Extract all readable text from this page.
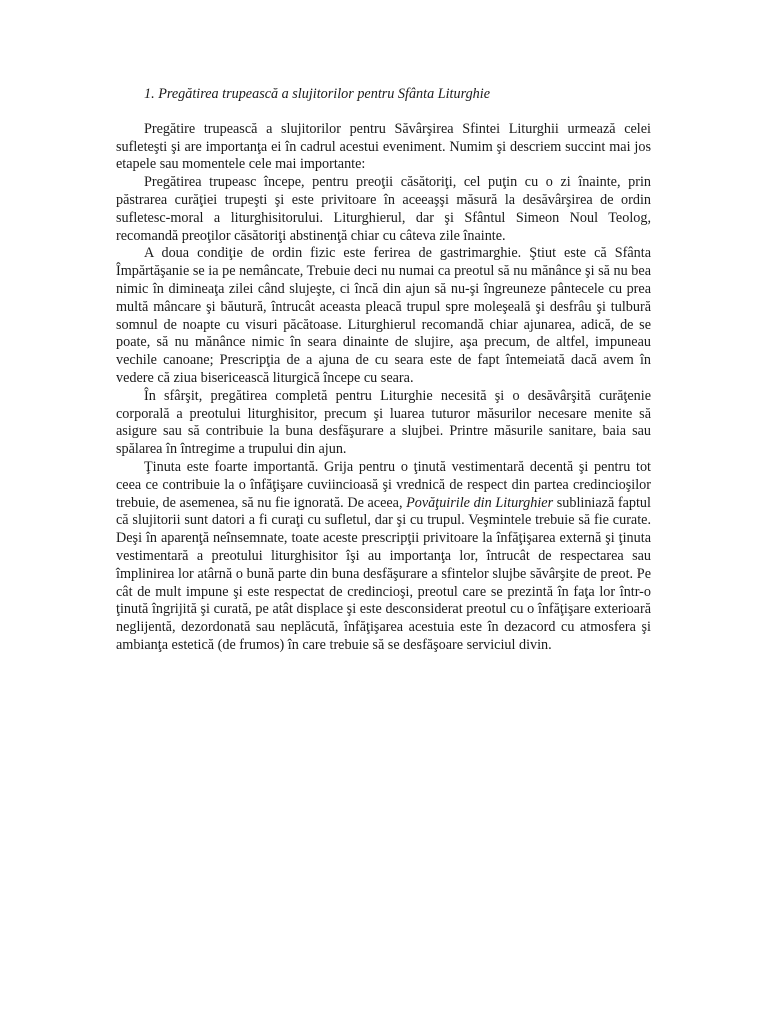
1. Pregătirea trupească a slujitorilor pentru Sfânta Liturghie

Pregătire trupească a slujitorilor pentru Săvârşirea Sfintei Liturghii urmează celei sufleteşti şi are importanţa ei în cadrul acestui eveniment. Numim şi descriem succint mai jos etapele sau momentele cele mai importante:

Pregătirea trupeasc începe, pentru preoţii căsătoriţi, cel puţin cu o zi înainte, prin păstrarea curăţiei trupeşti şi este privitoare în aceeaşşi măsură la desăvârşirea de ordin sufletesc-moral a liturghisitorului. Liturghierul, dar şi Sfântul Simeon Noul Teolog, recomandă preoţilor căsătoriţi abstinenţă chiar cu câteva zile înainte.

A doua condiţie de ordin fizic este ferirea de gastrimarghie. Ştiut este că Sfânta Împărtăşanie se ia pe nemâncate, Trebuie deci nu numai ca preotul să nu mănânce şi să nu bea nimic în dimineaţa zilei când slujeşte, ci încă din ajun să nu-şi îngreuneze pântecele cu prea multă mâncare şi băutură, întrucât aceasta pleacă trupul spre moleşeală şi desfrâu şi tulbură somnul de noapte cu visuri păcătoase. Liturghierul recomandă chiar ajunarea, adică, de se poate, să nu mănânce nimic în seara dinainte de slujire, aşa precum, de altfel, impuneau vechile canoane; Prescripţia de a ajuna de cu seara este de fapt întemeiată dacă avem în vedere că ziua bisericească liturgică începe cu seara.

În sfârşit, pregătirea completă pentru Liturghie necesită şi o desăvârşită curăţenie corporală a preotului liturghisitor, precum şi luarea tuturor măsurilor necesare menite să asigure sau să contribuie la buna desfăşurare a slujbei. Printre măsurile sanitare, baia sau spălarea în întregime a trupului din ajun.

Ţinuta este foarte importantă. Grija pentru o ţinută vestimentară decentă şi pentru tot ceea ce contribuie la o înfăţişare cuviincioasă şi vrednică de respect din partea credincioşilor trebuie, de asemenea, să nu fie ignorată. De aceea, Povăţuirile din Liturghier subliniază faptul că slujitorii sunt datori a fi curaţi cu sufletul, dar şi cu trupul. Veşmintele trebuie să fie curate. Deşi în aparenţă neînsemnate, toate aceste prescripţii privitoare la înfăţişarea externă şi ţinuta vestimentară a preotului liturghisitor îşi au importanţa lor, întrucât de respectarea sau împlinirea lor atârnă o bună parte din buna desfăşurare a sfintelor slujbe săvârşite de preot. Pe cât de mult impune şi este respectat de credincioşi, preotul care se prezintă în faţa lor într-o ţinută îngrijită şi curată, pe atât displace şi este desconsiderat preotul cu o înfăţişare exterioară neglijentă, dezordonată sau neplăcută, înfăţişarea acestuia este în dezacord cu atmosfera şi ambianţa estetică (de frumos) în care trebuie să se desfăşoare serviciul divin.
